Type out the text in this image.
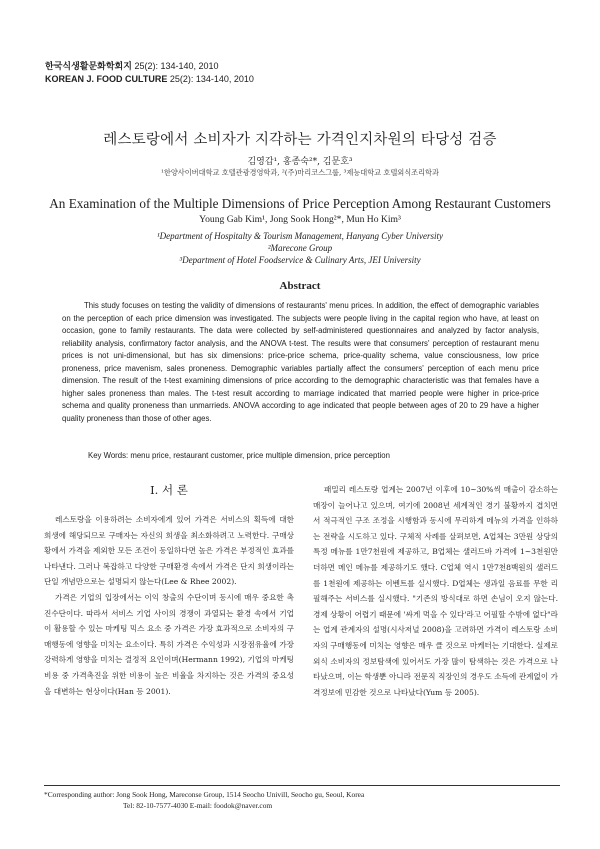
한국식생활문화학회지 25(2): 134-140, 2010
KOREAN J. FOOD CULTURE 25(2): 134-140, 2010
레스토랑에서 소비자가 지각하는 가격인지차원의 타당성 검증
김영갑¹, 홍종숙²*, 김문호³
¹한양사이버대학교 호텔관광경영학과, ²(주)마리코스그룹, ³제능대학교 호텔외식조리학과
An Examination of the Multiple Dimensions of Price Perception Among Restaurant Customers
Young Gab Kim¹, Jong Sook Hong²*, Mun Ho Kim³
¹Department of Hospitalty & Tourism Management, Hanyang Cyber University
²Marecone Group
³Department of Hotel Foodservice & Culinary Arts, JEI University
Abstract
This study focuses on testing the validity of dimensions of restaurants' menu prices. In addition, the effect of demographic variables on the perception of each price dimension was investigated. The subjects were people living in the capital region who have, at least on occasion, gone to family restaurants. The data were collected by self-administered questionnaires and analyzed by factor analysis, reliability analysis, confirmatory factor analysis, and the ANOVA t-test. The results were that consumers' perception of restaurant menu prices is not uni-dimensional, but has six dimensions: price-price schema, price-quality schema, value consciousness, low price proneness, price mavenism, sales proneness. Demographic variables partially affect the consumers' perception of each menu price dimension. The result of the t-test examining dimensions of price according to the demographic characteristic was that females have a higher sales proneness than males. The t-test result according to marriage indicated that married people were higher in price-price schema and quality proneness than unmarrieds. ANOVA according to age indicated that people between ages of 20 to 29 have a higher quality proneness than those of other ages.
Key Words: menu price, restaurant customer, price multiple dimension, price perception
I. 서 론

레스토랑을 이용하려는 소비자에게 있어 가격은 서비스의 획득에 대한 희생에 해당되므로 구매자는 자신의 희생을 최소화하려고 노력한다. 구매상황에서 가격을 제외한 모든 조건이 동일하다면 높은 가격은 부정적인 효과를 나타낸다. 그러나 복잡하고 다양한 구매환경 속에서 가격은 단지 희생이라는 단일 개념만으로는 설명되지 않는다(Lee & Rhee 2002).

가격은 기업의 입장에서는 이익 창출의 수단이며 동시에 매우 중요한 촉진수단이다. 따라서 서비스 기업 사이의 경쟁이 과열되는 환경 속에서 기업이 활용할 수 있는 마케팅 믹스 요소 중 가격은 가장 효과적으로 소비자의 구매행동에 영향을 미치는 요소이다. 특히 가격은 수익성과 시장점유율에 가장 강력하게 영향을 미치는 결정적 요인이며(Hermann 1992), 기업의 마케팅 비용 중 가격촉진을 위한 비용이 높은 비율을 차지하는 것은 가격의 중요성을 대변하는 현상이다(Han 등 2001).

패밀리 레스토랑 업계는 2007년 이후에 10~30%씩 매출이 감소하는 매장이 늘어나고 있으며, 여기에 2008년 세계적인 경기 불황까지 겹치면서 적극적인 구조 조정을 시행함과 동시에 무리하게 메뉴의 가격을 인하하는 전략을 시도하고 있다. 구체적 사례를 살펴보면, A업체는 3만원 상당의 특정 메뉴를 1만7천원에 제공하고, B업체는 샐러드바 가격에 1~3천원만 더하면 메인 메뉴를 제공하기도 했다. C업체 역시 1만7천8백원의 샐러드를 1천원에 제공하는 이벤트를 실시했다. D업체는 생과일 음료를 무한 리필해주는 서비스를 실시했다. "기존의 방식대로 하면 손님이 오지 않는다. 경제 상황이 어렵기 때문에 '싸게 먹을 수 있다'라고 어필할 수밖에 없다"라는 업계 관계자의 설명(시사저널 2008)을 고려하면 가격이 레스토랑 소비자의 구매행동에 미치는 영향은 매우 클 것으로 마케터는 기대한다. 실제로 외식 소비자의 정보탐색에 있어서도 가장 많이 탐색하는 것은 가격으로 나타났으며, 이는 학생뿐 아니라 전문직 직장인의 경우도 소득에 관계없이 가격정보에 민감한 것으로 나타났다(Yum 등 2005).

*Corresponding author: Jong Sook Hong, Mareconse Group, 1514 Seocho Univill, Seocho gu, Seoul, Korea
Tel: 82-10-7577-4030 E-mail: foodok@naver.com
